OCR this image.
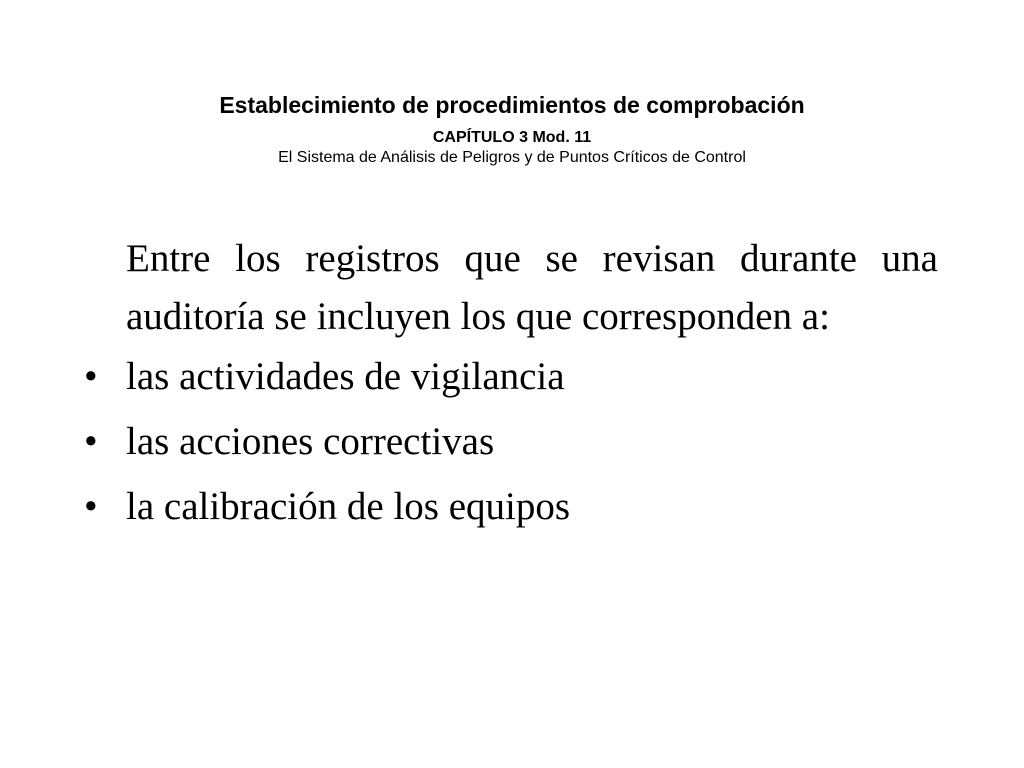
Establecimiento de procedimientos de comprobación
CAPÍTULO 3 Mod. 11
El Sistema de Análisis de Peligros y de Puntos Críticos de Control
Entre los registros que se revisan durante una auditoría se incluyen los que corresponden a:
• las actividades de vigilancia
• las acciones correctivas
• la calibración de los equipos
